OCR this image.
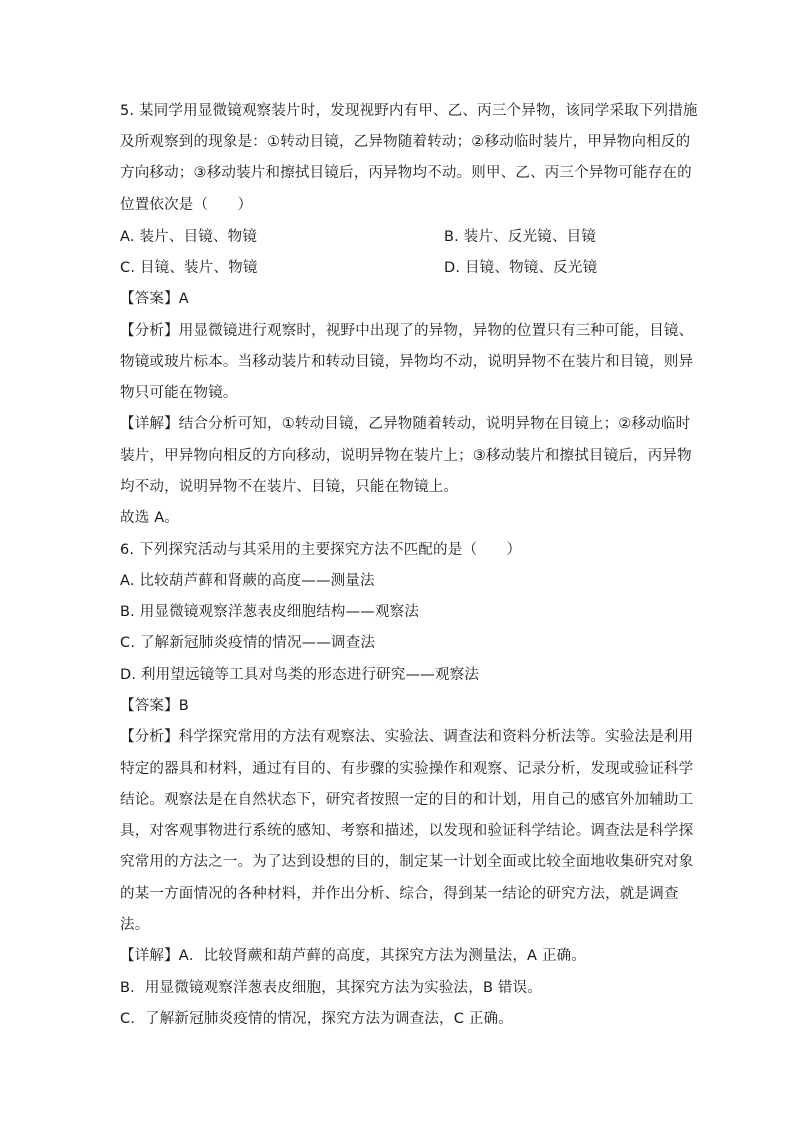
5. 某同学用显微镜观察装片时，发现视野内有甲、乙、丙三个异物，该同学采取下列措施
及所观察到的现象是：①转动目镜，乙异物随着转动；②移动临时装片，甲异物向相反的
方向移动；③移动装片和擦拭目镜后，丙异物均不动。则甲、乙、丙三个异物可能存在的
位置依次是（　　）
A. 装片、目镜、物镜	B. 装片、反光镜、目镜
C. 目镜、装片、物镜	D. 目镜、物镜、反光镜
【答案】A
【分析】用显微镜进行观察时，视野中出现了的异物，异物的位置只有三种可能，目镜、
物镜或玻片标本。当移动装片和转动目镜，异物均不动，说明异物不在装片和目镜，则异
物只可能在物镜。
【详解】结合分析可知，①转动目镜，乙异物随着转动，说明异物在目镜上；②移动临时
装片，甲异物向相反的方向移动，说明异物在装片上；③移动装片和擦拭目镜后，丙异物
均不动，说明异物不在装片、目镜，只能在物镜上。
故选 A。
6. 下列探究活动与其采用的主要探究方法不匹配的是（　　）
A. 比较葫芦藓和肾蕨的高度——测量法
B. 用显微镜观察洋葱表皮细胞结构——观察法
C. 了解新冠肺炎疫情的情况——调查法
D. 利用望远镜等工具对鸟类的形态进行研究——观察法
【答案】B
【分析】科学探究常用的方法有观察法、实验法、调查法和资料分析法等。实验法是利用
特定的器具和材料，通过有目的、有步骤的实验操作和观察、记录分析，发现或验证科学
结论。观察法是在自然状态下，研究者按照一定的目的和计划，用自己的感官外加辅助工
具，对客观事物进行系统的感知、考察和描述，以发现和验证科学结论。调查法是科学探
究常用的方法之一。为了达到设想的目的，制定某一计划全面或比较全面地收集研究对象
的某一方面情况的各种材料，并作出分析、综合，得到某一结论的研究方法，就是调查
法。
【详解】A．比较肾蕨和葫芦藓的高度，其探究方法为测量法，A 正确。
B．用显微镜观察洋葱表皮细胞，其探究方法为实验法，B 错误。
C．了解新冠肺炎疫情的情况，探究方法为调查法，C 正确。
